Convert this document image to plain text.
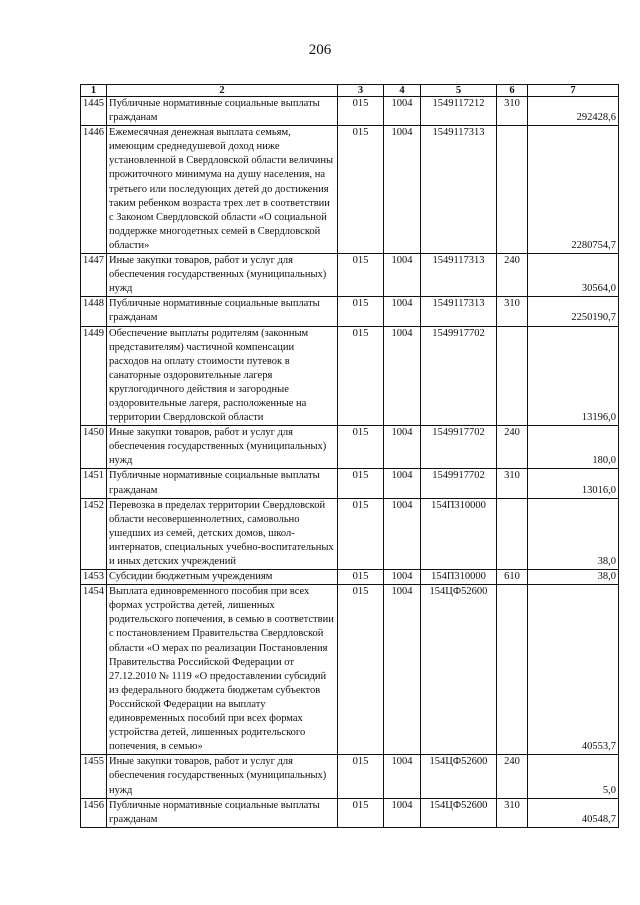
206
1	2	3	4	5	6	7
1445	Публичные нормативные социальные выплаты гражданам	015	1004	1549117212	310	292428,6
1446	Ежемесячная денежная выплата семьям, имеющим среднедушевой доход ниже установленной в Свердловской области величины прожиточного минимума на душу населения, на третьего или последующих детей до достижения таким ребенком возраста трех лет в соответствии с Законом Свердловской области «О социальной поддержке многодетных семей в Свердловской области»	015	1004	1549117313		2280754,7
1447	Иные закупки товаров, работ и услуг для обеспечения государственных (муниципальных) нужд	015	1004	1549117313	240	30564,0
1448	Публичные нормативные социальные выплаты гражданам	015	1004	1549117313	310	2250190,7
1449	Обеспечение выплаты родителям (законным представителям) частичной компенсации расходов на оплату стоимости путевок в санаторные оздоровительные лагеря круглогодичного действия и загородные оздоровительные лагеря, расположенные на территории Свердловской области	015	1004	1549917702		13196,0
1450	Иные закупки товаров, работ и услуг для обеспечения государственных (муниципальных) нужд	015	1004	1549917702	240	180,0
1451	Публичные нормативные социальные выплаты гражданам	015	1004	1549917702	310	13016,0
1452	Перевозка в пределах территории Свердловской области несовершеннолетних, самовольно ушедших из семей, детских домов, школ-интернатов, специальных учебно-воспитательных и иных детских учреждений	015	1004	154П310000		38,0
1453	Субсидии бюджетным учреждениям	015	1004	154П310000	610	38,0
1454	Выплата единовременного пособия при всех формах устройства детей, лишенных родительского попечения, в семью в соответствии с постановлением Правительства Свердловской области «О мерах по реализации Постановления Правительства Российской Федерации от 27.12.2010 № 1119 «О предоставлении субсидий из федерального бюджета бюджетам субъектов Российской Федерации на выплату единовременных пособий при всех формах устройства детей, лишенных родительского попечения, в семью»	015	1004	154ЦФ52600		40553,7
1455	Иные закупки товаров, работ и услуг для обеспечения государственных (муниципальных) нужд	015	1004	154ЦФ52600	240	5,0
1456	Публичные нормативные социальные выплаты гражданам	015	1004	154ЦФ52600	310	40548,7
